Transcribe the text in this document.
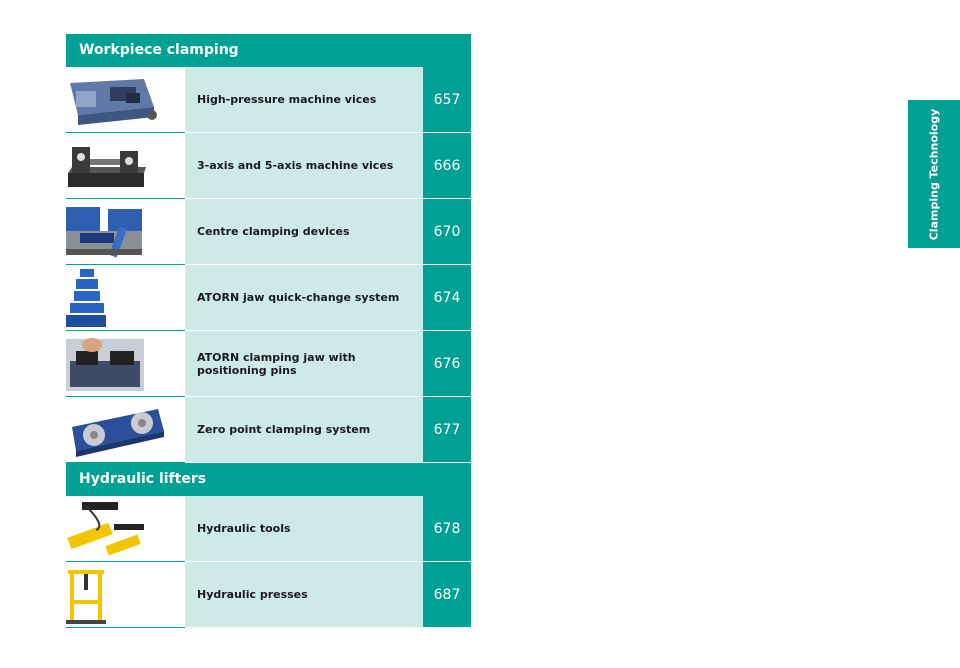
Workpiece clamping
High-pressure machine vices	657
3-axis and 5-axis machine vices	666
Centre clamping devices	670
ATORN jaw quick-change system	674
ATORN clamping jaw with positioning pins	676
Zero point clamping system	677
Hydraulic lifters
Hydraulic tools	678
Hydraulic presses	687
Clamping Technology
